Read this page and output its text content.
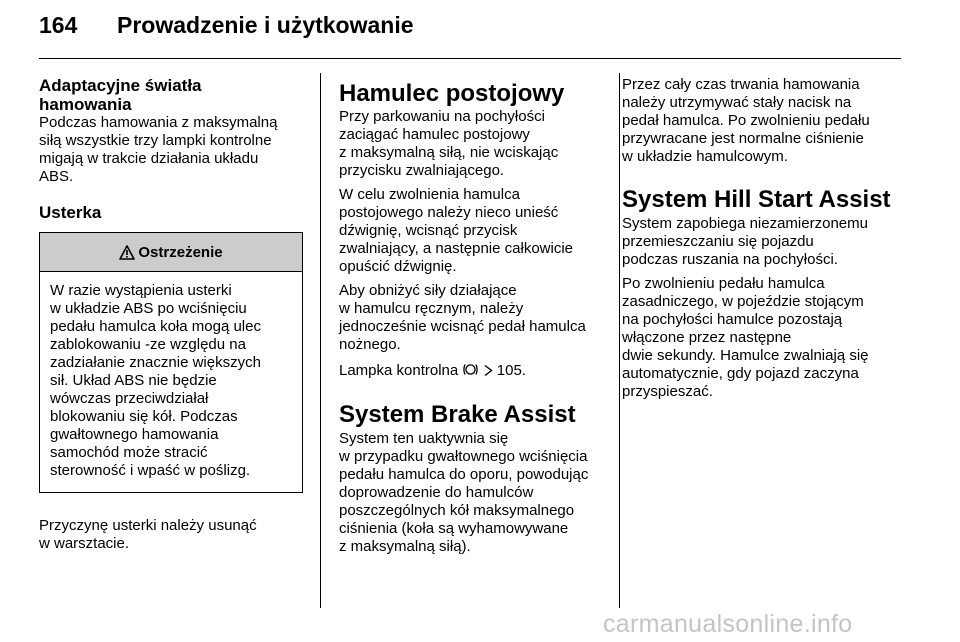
164	Prowadzenie i użytkowanie
Adaptacyjne światła
hamowania
Podczas hamowania z maksymalną
siłą wszystkie trzy lampki kontrolne
migają w trakcie działania układu
ABS.
Usterka
Ostrzeżenie
W razie wystąpienia usterki
w układzie ABS po wciśnięciu
pedału hamulca koła mogą ulec
zablokowaniu -ze względu na
zadziałanie znacznie większych
sił. Układ ABS nie będzie
wówczas przeciwdziałał
blokowaniu się kół. Podczas
gwałtownego hamowania
samochód może stracić
sterowność i wpaść w poślizg.
Przyczynę usterki należy usunąć
w warsztacie.
Hamulec postojowy
Przy parkowaniu na pochyłości
zaciągać hamulec postojowy
z maksymalną siłą, nie wciskając
przycisku zwalniającego.
W celu zwolnienia hamulca
postojowego należy nieco unieść
dźwignię, wcisnąć przycisk
zwalniający, a następnie całkowicie
opuścić dźwignię.
Aby obniżyć siły działające
w hamulcu ręcznym, należy
jednocześnie wcisnąć pedał hamulca
nożnego.
Lampka kontrolna	105.
System Brake Assist
System ten uaktywnia się
w przypadku gwałtownego wciśnięcia
pedału hamulca do oporu, powodując
doprowadzenie do hamulców
poszczególnych kół maksymalnego
ciśnienia (koła są wyhamowywane
z maksymalną siłą).
Przez cały czas trwania hamowania
należy utrzymywać stały nacisk na
pedał hamulca. Po zwolnieniu pedału
przywracane jest normalne ciśnienie
w układzie hamulcowym.
System Hill Start Assist
System zapobiega niezamierzonemu
przemieszczaniu się pojazdu
podczas ruszania na pochyłości.
Po zwolnieniu pedału hamulca
zasadniczego, w pojeździe stojącym
na pochyłości hamulce pozostają
włączone przez następne
dwie sekundy. Hamulce zwalniają się
automatycznie, gdy pojazd zaczyna
przyspieszać.
carmanualsonline.info
